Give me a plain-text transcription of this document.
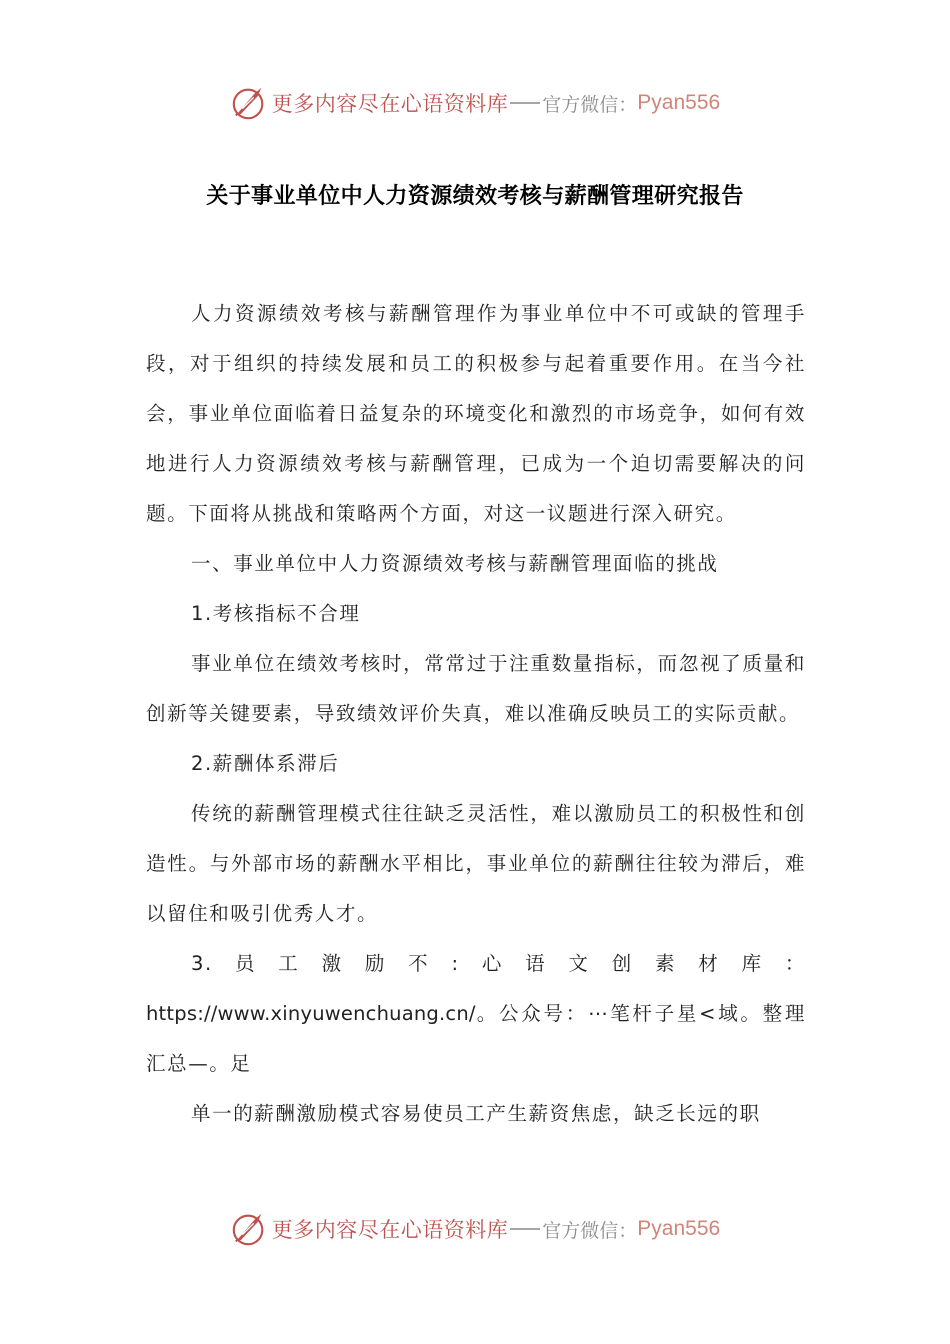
更多内容尽在心语资料库 官方微信： Pyan556
关于事业单位中人力资源绩效考核与薪酬管理研究报告

人力资源绩效考核与薪酬管理作为事业单位中不可或缺的管理手段，对于组织的持续发展和员工的积极参与起着重要作用。在当今社会，事业单位面临着日益复杂的环境变化和激烈的市场竞争，如何有效地进行人力资源绩效考核与薪酬管理，已成为一个迫切需要解决的问题。下面将从挑战和策略两个方面，对这一议题进行深入研究。

一、事业单位中人力资源绩效考核与薪酬管理面临的挑战

1.考核指标不合理

事业单位在绩效考核时，常常过于注重数量指标，而忽视了质量和创新等关键要素，导致绩效评价失真，难以准确反映员工的实际贡献。

2.薪酬体系滞后

传统的薪酬管理模式往往缺乏灵活性，难以激励员工的积极性和创造性。与外部市场的薪酬水平相比，事业单位的薪酬往往较为滞后，难以留住和吸引优秀人才。

3.员工激励不:心语文创素材库：https://www.xinyuwenchuang.cn/。公众号：⋯笔杆子星<域。整理汇总—。足

单一的薪酬激励模式容易使员工产生薪资焦虑，缺乏长远的职

更多内容尽在心语资料库 官方微信： Pyan556
